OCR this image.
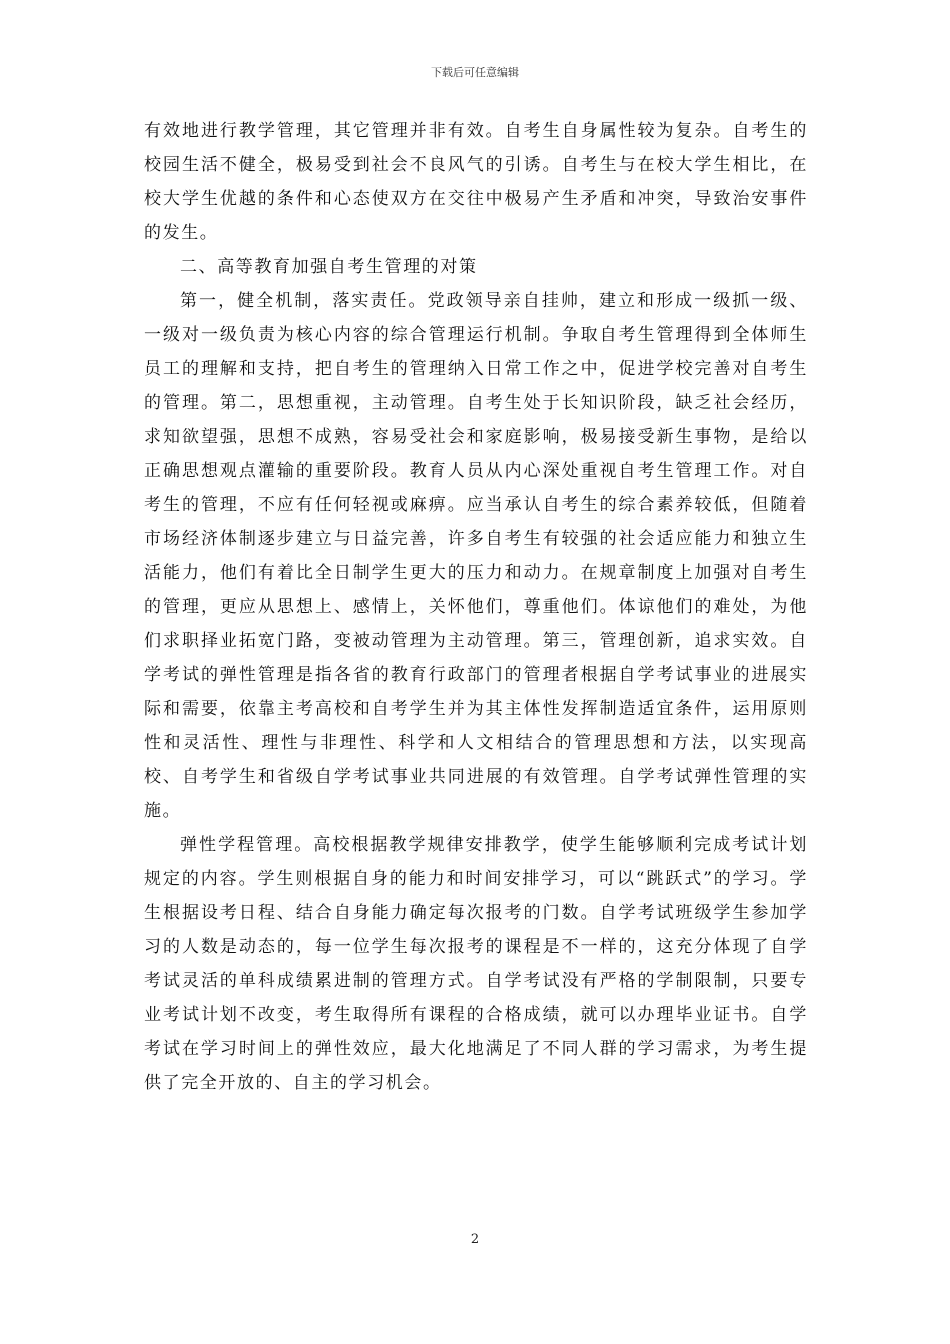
下载后可任意编辑

有效地进行教学管理，其它管理并非有效。自考生自身属性较为复杂。自考生的校园生活不健全，极易受到社会不良风气的引诱。自考生与在校大学生相比，在校大学生优越的条件和心态使双方在交往中极易产生矛盾和冲突，导致治安事件的发生。

二、高等教育加强自考生管理的对策

第一，健全机制，落实责任。党政领导亲自挂帅，建立和形成一级抓一级、一级对一级负责为核心内容的综合管理运行机制。争取自考生管理得到全体师生员工的理解和支持，把自考生的管理纳入日常工作之中，促进学校完善对自考生的管理。第二，思想重视，主动管理。自考生处于长知识阶段，缺乏社会经历，求知欲望强，思想不成熟，容易受社会和家庭影响，极易接受新生事物，是给以正确思想观点灌输的重要阶段。教育人员从内心深处重视自考生管理工作。对自考生的管理，不应有任何轻视或麻痹。应当承认自考生的综合素养较低，但随着市场经济体制逐步建立与日益完善，许多自考生有较强的社会适应能力和独立生活能力，他们有着比全日制学生更大的压力和动力。在规章制度上加强对自考生的管理，更应从思想上、感情上，关怀他们，尊重他们。体谅他们的难处，为他们求职择业拓宽门路，变被动管理为主动管理。第三，管理创新，追求实效。自学考试的弹性管理是指各省的教育行政部门的管理者根据自学考试事业的进展实际和需要，依靠主考高校和自考学生并为其主体性发挥制造适宜条件，运用原则性和灵活性、理性与非理性、科学和人文相结合的管理思想和方法，以实现高校、自考学生和省级自学考试事业共同进展的有效管理。自学考试弹性管理的实施。

弹性学程管理。高校根据教学规律安排教学，使学生能够顺利完成考试计划规定的内容。学生则根据自身的能力和时间安排学习，可以“跳跃式”的学习。学生根据设考日程、结合自身能力确定每次报考的门数。自学考试班级学生参加学习的人数是动态的，每一位学生每次报考的课程是不一样的，这充分体现了自学考试灵活的单科成绩累进制的管理方式。自学考试没有严格的学制限制，只要专业考试计划不改变，考生取得所有课程的合格成绩，就可以办理毕业证书。自学考试在学习时间上的弹性效应，最大化地满足了不同人群的学习需求，为考生提供了完全开放的、自主的学习机会。

2
